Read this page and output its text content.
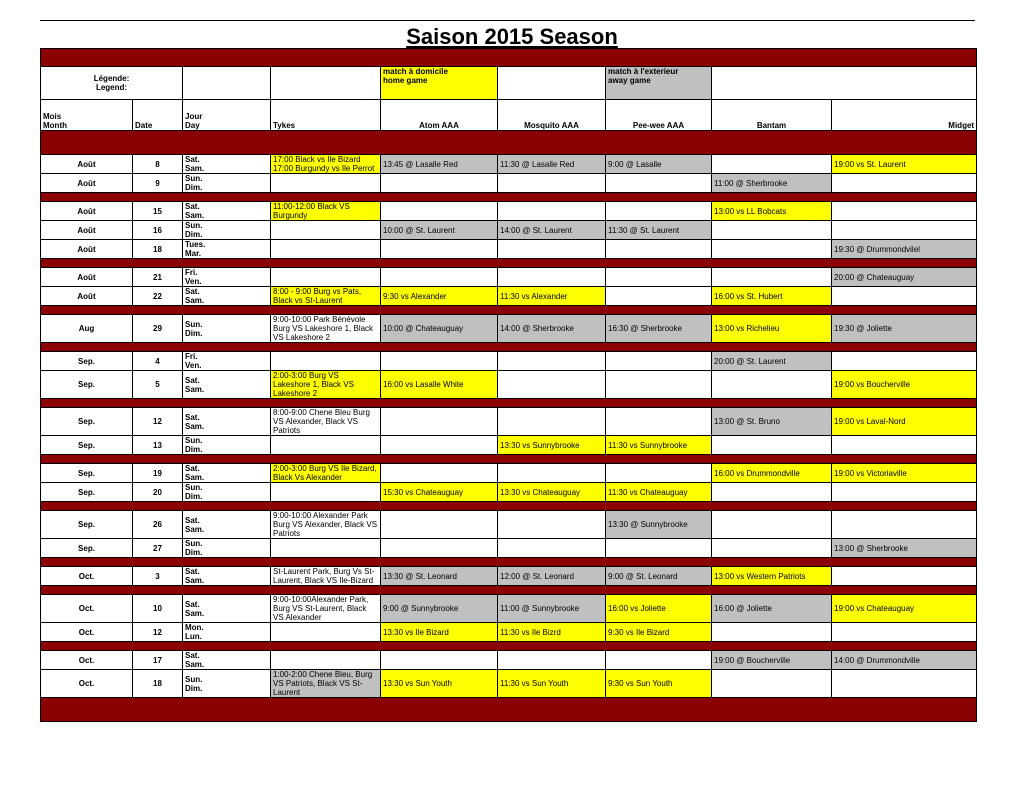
Saison 2015 Season

Légende:
Legend:				match à domicile
home game		match à l'exterieur
away game		
Mois
Month	Date	Jour
Day	Tykes	Atom AAA	Mosquito AAA	Pee-wee AAA	Bantam	Midget

Août	8	Sat.
Sam.	17:00 Black vs Ile Bizard
17:00 Burgundy vs Ile Perrot	13:45 @ Lasalle Red	11:30 @ Lasalle Red	9:00 @ Lasalle		19:00 vs St. Laurent
Août	9	Sun.
Dim.					11:00 @ Sherbrooke	

Août	15	Sat.
Sam.	11:00-12:00 Black VS Burgundy				13:00 vs LL Bobcats	
Août	16	Sun.
Dim.		10:00 @ St. Laurent	14:00 @ St. Laurent	11:30 @ St. Laurent		
Août	18	Tues.
Mar.						19:30 @ Drummondvilel

Août	21	Fri.
Ven.						20:00 @ Chateauguay
Août	22	Sat.
Sam.	8:00 - 9:00 Burg vs Pats, Black vs St-Laurent	9:30 vs Alexander	11:30 vs Alexander		16:00 vs St. Hubert	

Aug	29	Sun.
Dim.	9:00-10:00 Park Bénévole Burg VS Lakeshore 1, Black VS Lakeshore 2	10:00 @ Chateauguay	14:00 @ Sherbrooke	16:30 @ Sherbrooke	13:00 vs Richelieu	19:30 @ Joliette

Sep.	4	Fri.
Ven.					20:00 @ St. Laurent	
Sep.	5	Sat.
Sam.	2:00-3:00 Burg VS Lakeshore 1, Black VS Lakeshore 2	16:00 vs Lasalle White				19:00 vs Boucherville

Sep.	12	Sat.
Sam.	8:00-9:00 Chene Bleu Burg VS Alexander, Black VS Patriots				13:00 @ St. Bruno	19:00 vs Laval-Nord
Sep.	13	Sun.
Dim.			13:30 vs Sunnybrooke	11:30 vs Sunnybrooke		

Sep.	19	Sat.
Sam.	2:00-3:00 Burg VS Ile Bizard, Black Vs Alexander				16:00 vs Drummondville	19:00 vs Victoriaville
Sep.	20	Sun.
Dim.		15:30 vs Chateauguay	13:30 vs Chateauguay	11:30 vs Chateauguay		

Sep.	26	Sat.
Sam.	9:00-10:00 Alexander Park Burg VS Alexander, Black VS Patriots			13:30 @ Sunnybrooke		
Sep.	27	Sun.
Dim.						13:00 @ Sherbrooke

Oct.	3	Sat.
Sam.	St-Laurent Park, Burg Vs St-Laurent, Black VS Ile-Bizard	13:30 @ St. Leonard	12:00 @ St. Leonard	9:00 @ St. Leonard	13:00 vs Western Patriots	

Oct.	10	Sat.
Sam.	9:00-10:00Alexander Park, Burg VS St-Laurent, Black VS Alexander	9:00 @ Sunnybrooke	11:00 @ Sunnybrooke	16:00 vs Joliette	16:00 @ Joliette	19:00 vs Chateauguay
Oct.	12	Mon.
Lun.		13:30 vs Ile Bizard	11:30 vs Ile Bizrd	9:30 vs Ile Bizard		

Oct.	17	Sat.
Sam.					19:00 @ Boucherville	14:00 @ Drummondville
Oct.	18	Sun.
Dim.	1:00-2:00 Chene Bleu, Burg VS Patriots, Black VS St-Laurent	13:30 vs Sun Youth	11:30 vs Sun Youth	9:30 vs Sun Youth		
